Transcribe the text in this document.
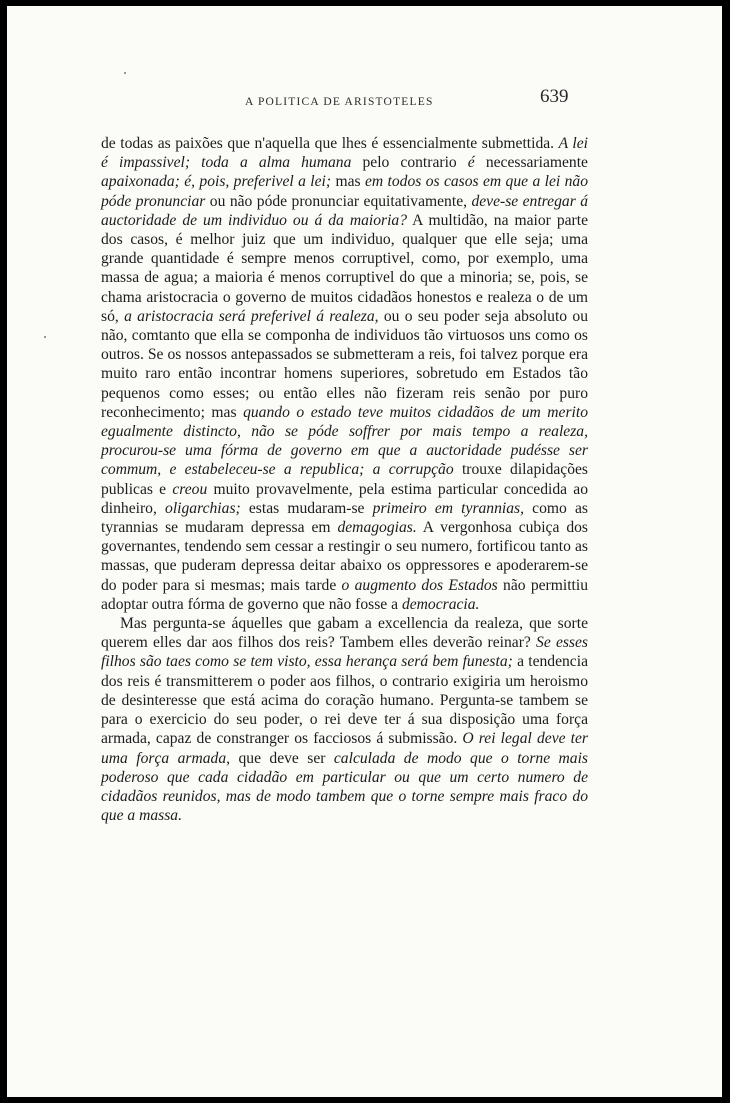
A POLITICA DE ARISTOTELES	639

de todas as paixões que n'aquella que lhes é essencialmente submettida. A lei é impassivel; toda a alma humana pelo contrario é necessariamente apaixonada; é, pois, preferivel a lei; mas em todos os casos em que a lei não póde pronunciar ou não póde pronunciar equitativamente, deve-se entregar á auctoridade de um individuo ou á da maioria? A multidão, na maior parte dos casos, é melhor juiz que um individuo, qualquer que elle seja; uma grande quantidade é sempre menos corruptivel, como, por exemplo, uma massa de agua; a maioria é menos corruptivel do que a minoria; se, pois, se chama aristocracia o governo de muitos cidadãos honestos e realeza o de um só, a aristocracia será preferivel á realeza, ou o seu poder seja absoluto ou não, comtanto que ella se componha de individuos tão virtuosos uns como os outros. Se os nossos antepassados se submetteram a reis, foi talvez porque era muito raro então incontrar homens superiores, sobretudo em Estados tão pequenos como esses; ou então elles não fizeram reis senão por puro reconhecimento; mas quando o estado teve muitos cidadãos de um merito egualmente distincto, não se póde soffrer por mais tempo a realeza, procurou-se uma fórma de governo em que a auctoridade pudésse ser commum, e estabeleceu-se a republica; a corrupção trouxe dilapidações publicas e creou muito provavelmente, pela estima particular concedida ao dinheiro, oligarchias; estas mudaram-se primeiro em tyrannias, como as tyrannias se mudaram depressa em demagogias. A vergonhosa cubiça dos governantes, tendendo sem cessar a restingir o seu numero, fortificou tanto as massas, que puderam depressa deitar abaixo os oppressores e apoderarem-se do poder para si mesmas; mais tarde o augmento dos Estados não permittiu adoptar outra fórma de governo que não fosse a democracia.

Mas pergunta-se áquelles que gabam a excellencia da realeza, que sorte querem elles dar aos filhos dos reis? Tambem elles deverão reinar? Se esses filhos são taes como se tem visto, essa herança será bem funesta; a tendencia dos reis é transmitterem o poder aos filhos, o contrario exigiria um heroismo de desinteresse que está acima do coração humano. Pergunta-se tambem se para o exercicio do seu poder, o rei deve ter á sua disposição uma força armada, capaz de constranger os facciosos á submissão. O rei legal deve ter uma força armada, que deve ser calculada de modo que o torne mais poderoso que cada cidadão em particular ou que um certo numero de cidadãos reunidos, mas de modo tambem que o torne sempre mais fraco do que a massa.
